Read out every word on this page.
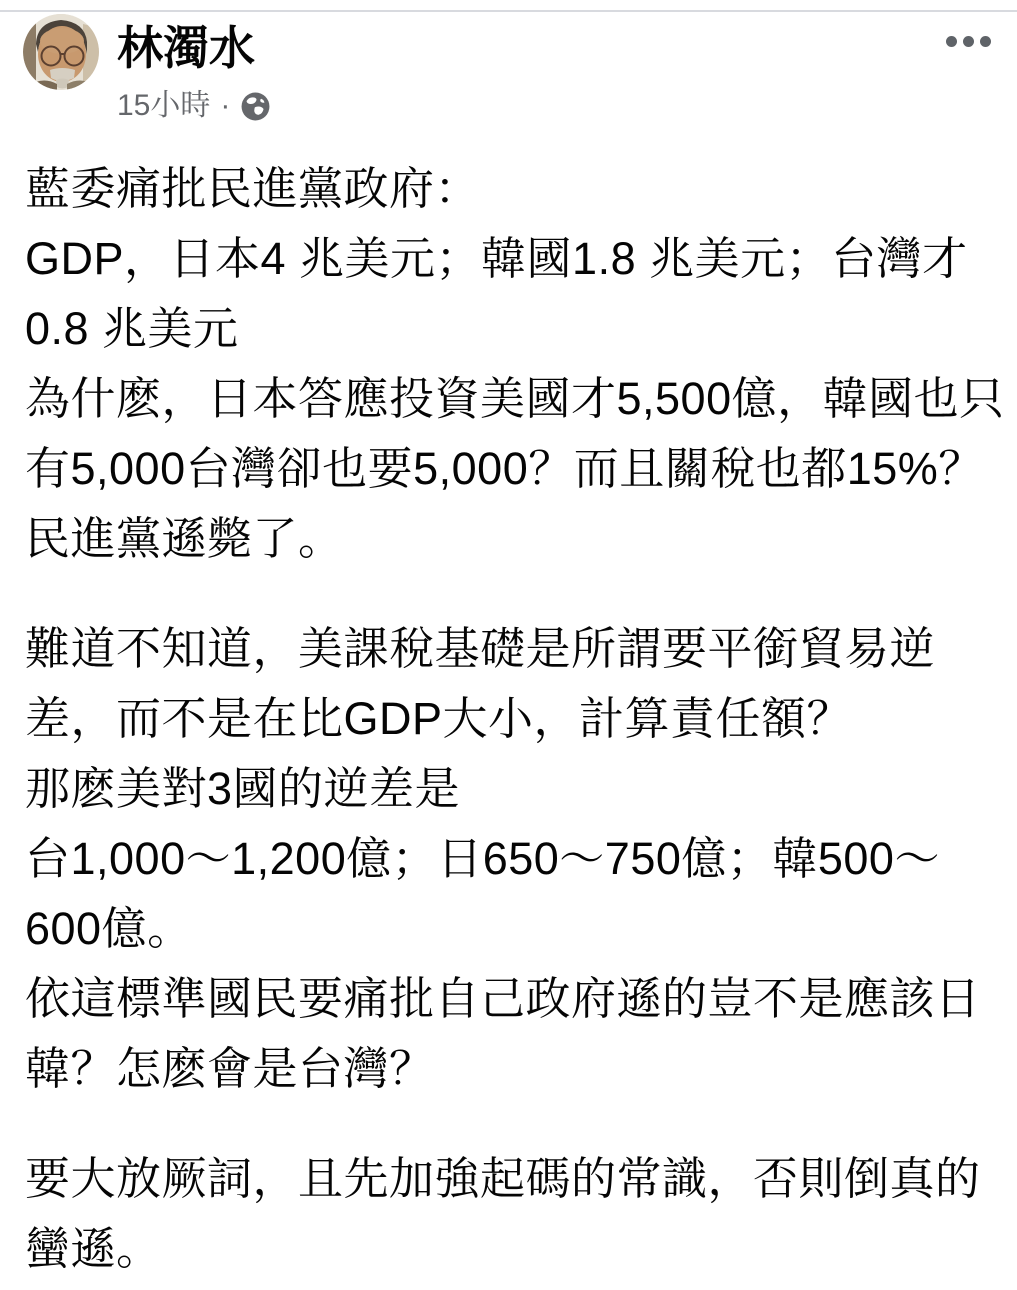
林濁水
15小時 ·
藍委痛批民進黨政府：
GDP，日本4 兆美元；韓國1.8 兆美元；台灣才
0.8 兆美元
為什麽，日本答應投資美國才5,500億，韓國也只
有5,000台灣卻也要5,000？而且關稅也都15%？
民進黨遜斃了。
難道不知道，美課稅基礎是所謂要平銜貿易逆
差，而不是在比GDP大小，計算責任額？
那麽美對3國的逆差是
台1,000～1,200億；日650～750億；韓500～
600億。
依這標準國民要痛批自己政府遜的豈不是應該日
韓？怎麽會是台灣？
要大放厥詞，且先加強起碼的常識，否則倒真的
蠻遜。
